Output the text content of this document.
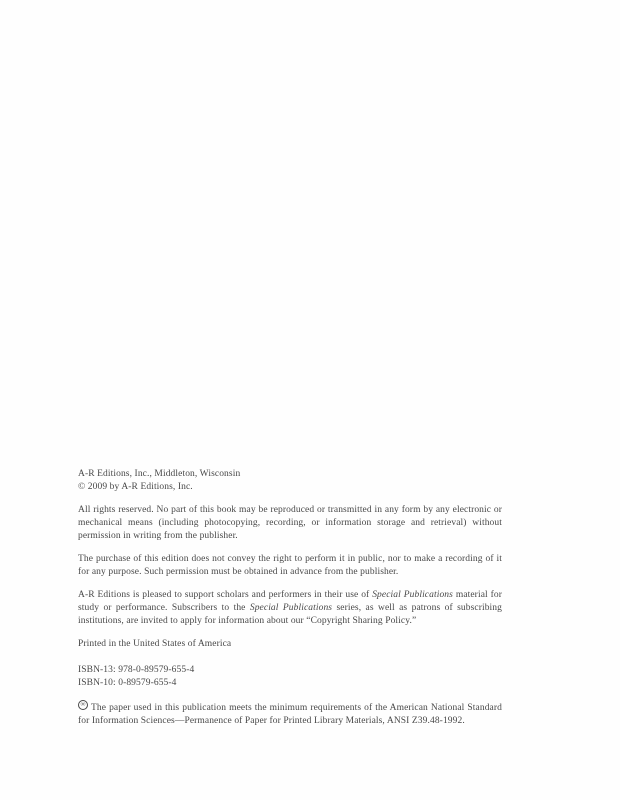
A-R Editions, Inc., Middleton, Wisconsin
© 2009 by A-R Editions, Inc.
All rights reserved. No part of this book may be reproduced or transmitted in any form by any electronic or mechanical means (including photocopying, recording, or information storage and retrieval) without permission in writing from the publisher.
The purchase of this edition does not convey the right to perform it in public, nor to make a recording of it for any purpose. Such permission must be obtained in advance from the publisher.
A-R Editions is pleased to support scholars and performers in their use of Special Publications material for study or performance. Subscribers to the Special Publications series, as well as patrons of subscribing institutions, are invited to apply for information about our “Copyright Sharing Policy.”
Printed in the United States of America
ISBN-13: 978-0-89579-655-4
ISBN-10: 0-89579-655-4
∞ The paper used in this publication meets the minimum requirements of the American National Standard for Information Sciences—Permanence of Paper for Printed Library Materials, ANSI Z39.48-1992.
